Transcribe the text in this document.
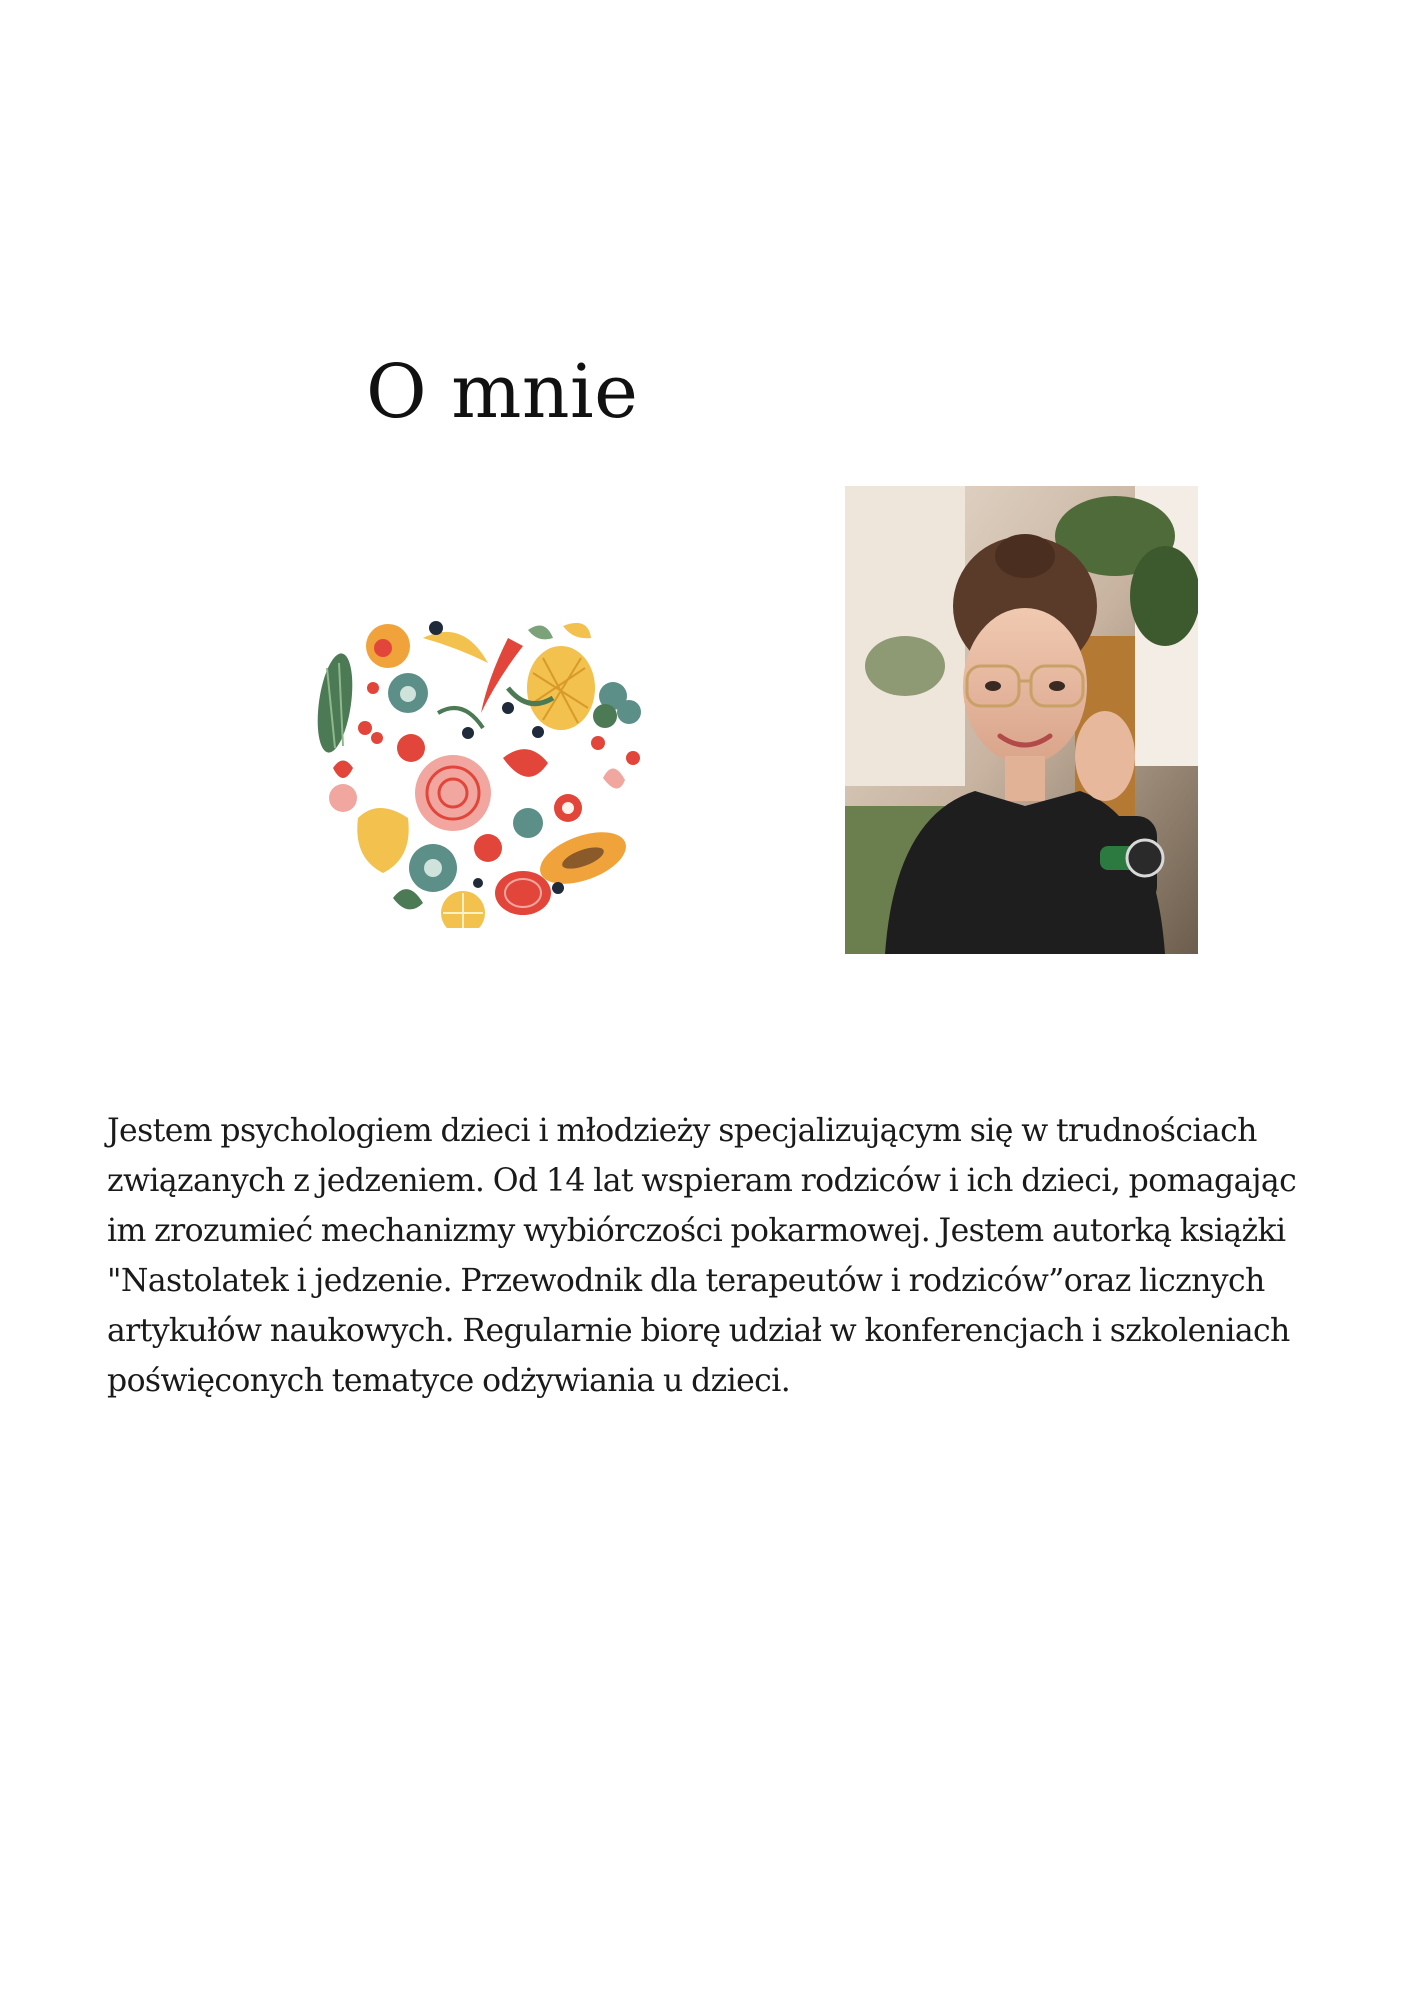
O mnie

Jestem psychologiem dzieci i młodzieży specjalizującym się w trudnościach
związanych z jedzeniem. Od 14 lat wspieram rodziców i ich dzieci, pomagając
im zrozumieć mechanizmy wybiórczości pokarmowej. Jestem autorką książki
"Nastolatek i jedzenie. Przewodnik dla terapeutów i rodziców”oraz licznych
artykułów naukowych. Regularnie biorę udział w konferencjach i szkoleniach
poświęconych tematyce odżywiania u dzieci.
